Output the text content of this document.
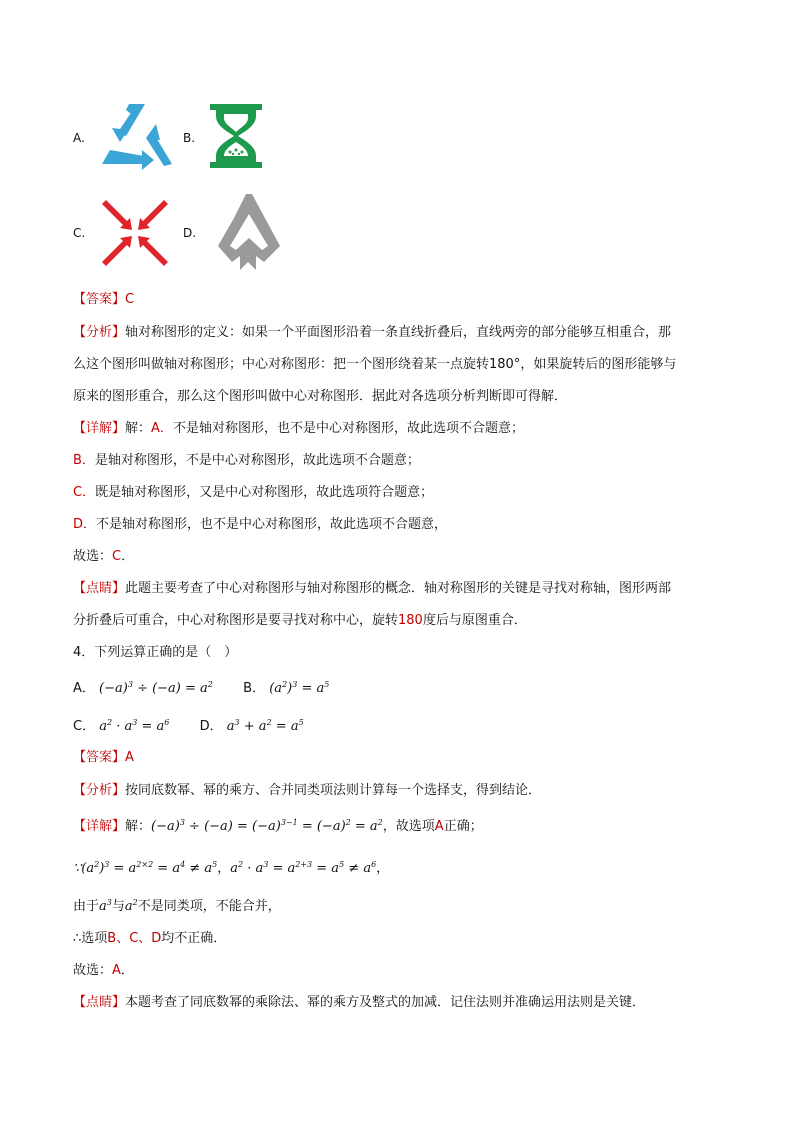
A.	B.
C.	D.
【答案】C
【分析】轴对称图形的定义：如果一个平面图形沿着一条直线折叠后，直线两旁的部分能够互相重合，那
么这个图形叫做轴对称图形；中心对称图形：把一个图形绕着某一点旋转180°，如果旋转后的图形能够与
原来的图形重合，那么这个图形叫做中心对称图形．据此对各选项分析判断即可得解．
【详解】解：A．不是轴对称图形，也不是中心对称图形，故此选项不合题意；
B．是轴对称图形，不是中心对称图形，故此选项不合题意；
C．既是轴对称图形，又是中心对称图形，故此选项符合题意；
D．不是轴对称图形，也不是中心对称图形，故此选项不合题意，
故选：C．
【点睛】此题主要考查了中心对称图形与轴对称图形的概念．轴对称图形的关键是寻找对称轴，图形两部
分折叠后可重合，中心对称图形是要寻找对称中心，旋转180度后与原图重合．
4．下列运算正确的是（　）
A． $(-a)^3 \div (-a) = a^2$ B． $(a^2)^3 = a^5$
C． $a^2 \cdot a^3 = a^6$ D． $a^3 + a^2 = a^5$
【答案】A
【分析】按同底数幂、幂的乘方、合并同类项法则计算每一个选择支，得到结论．
【详解】解：$(-a)^3 \div (-a) = (-a)^{3-1} = (-a)^2 = a^2$，故选项A正确；
$\because(a^2)^3 = a^{2\times 2} = a^4 \ne a^5$，$a^2 \cdot a^3 = a^{2+3} = a^5 \ne a^6$，
由于$a^3$与$a^2$不是同类项，不能合并，
∴选项B、C、D均不正确．
故选：A．
【点睛】本题考查了同底数幂的乘除法、幂的乘方及整式的加减．记住法则并准确运用法则是关键．
